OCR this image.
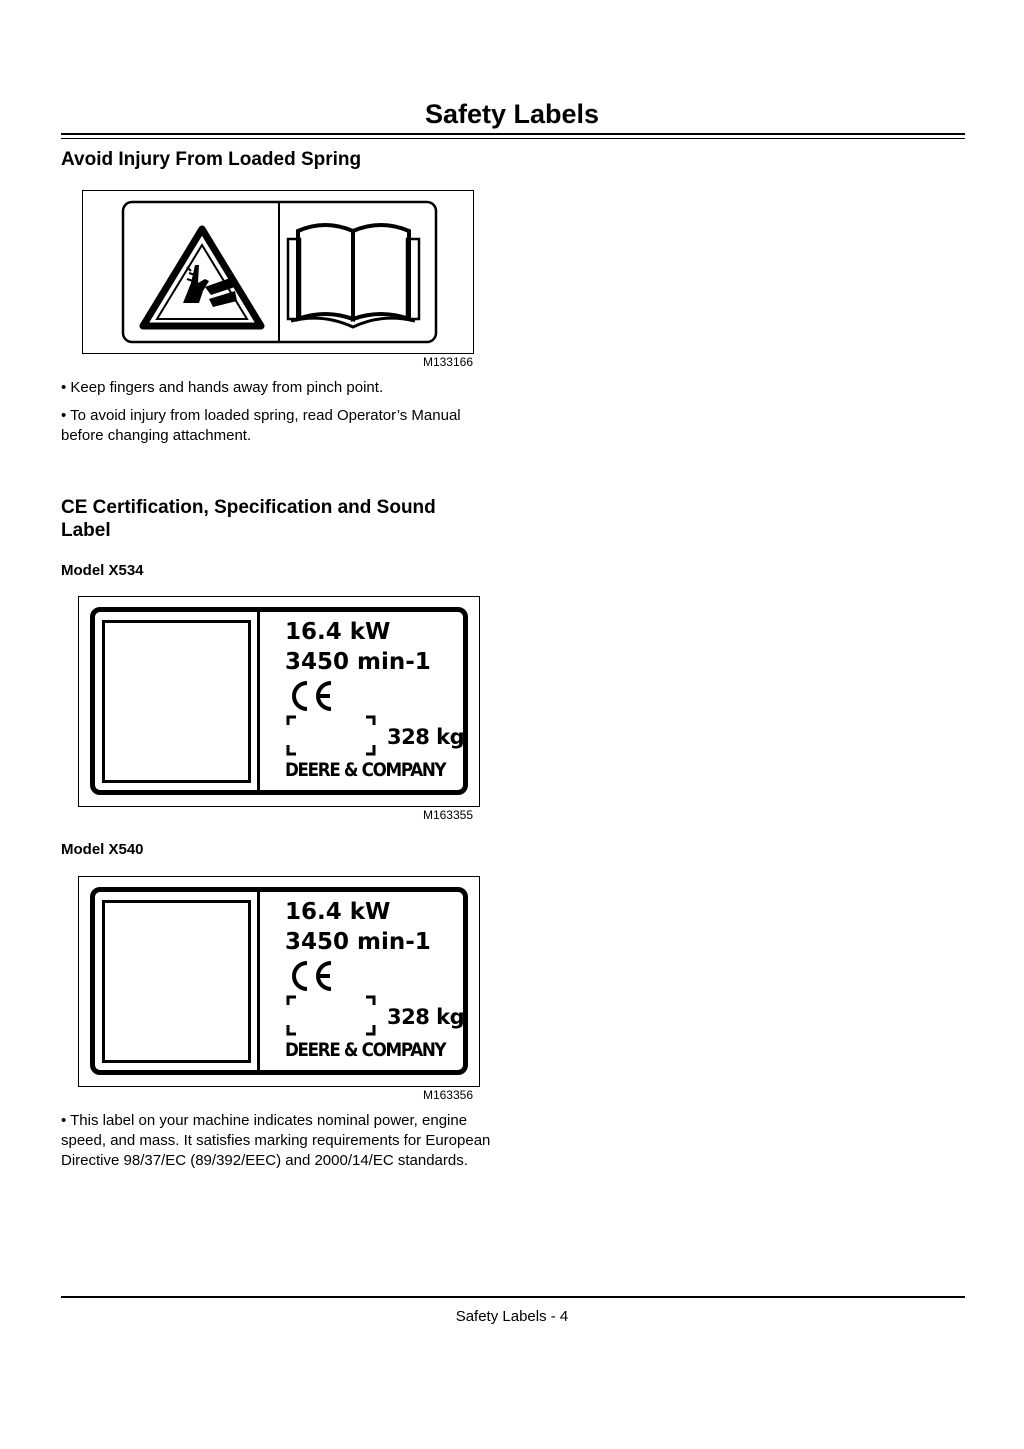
Safety Labels
Avoid Injury From Loaded Spring
M133166
• Keep fingers and hands away from pinch point.
• To avoid injury from loaded spring, read Operator’s Manual before changing attachment.
CE Certification, Specification and Sound
Label
Model X534
16.4 kW
3450 min-1
328 kg
DEERE & COMPANY
M163355
Model X540
16.4 kW
3450 min-1
328 kg
DEERE & COMPANY
M163356
• This label on your machine indicates nominal power, engine speed, and mass. It satisfies marking requirements for European Directive 98/37/EC (89/392/EEC) and 2000/14/EC standards.
Safety Labels - 4
